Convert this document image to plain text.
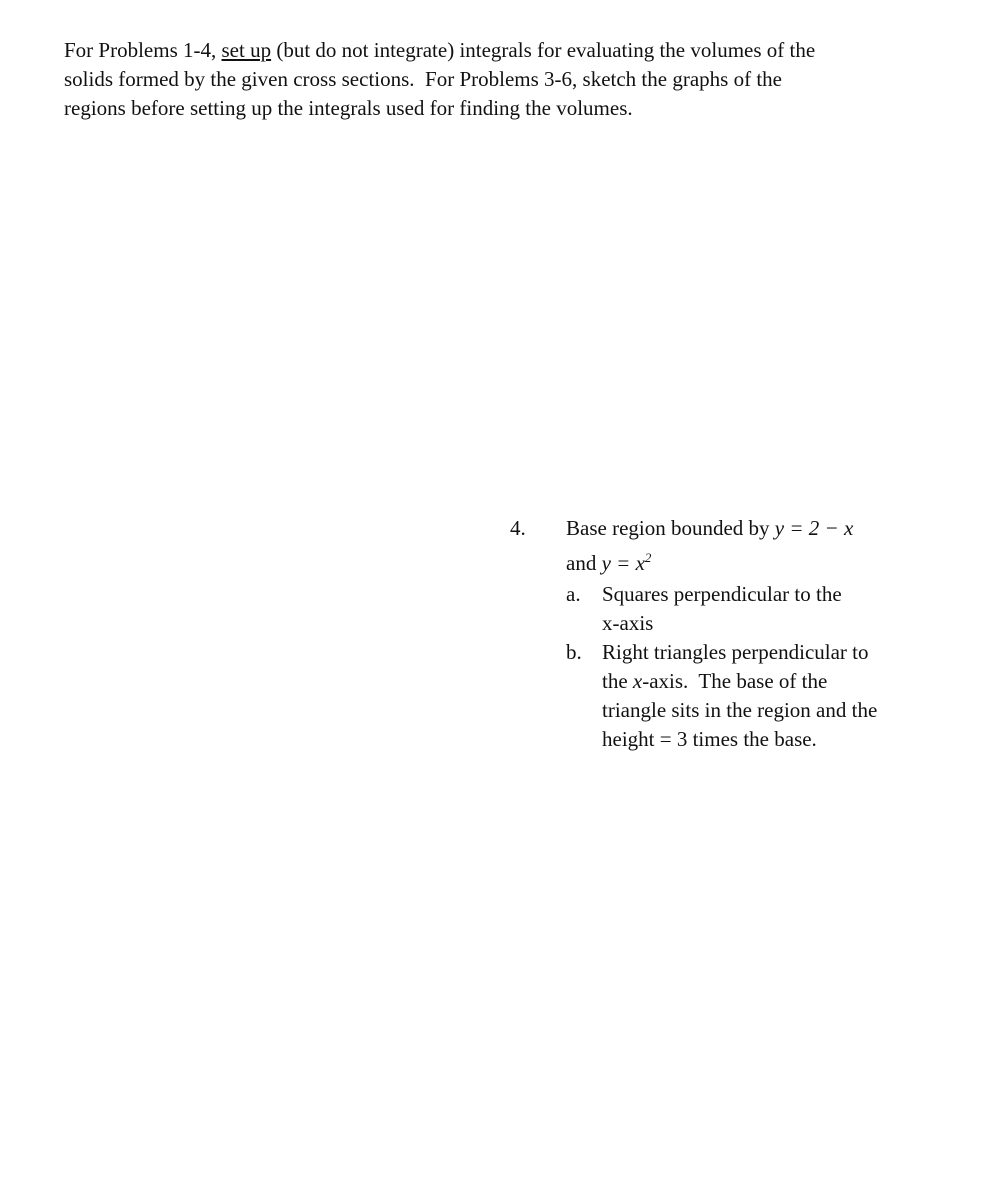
For Problems 1-4, set up (but do not integrate) integrals for evaluating the volumes of the
solids formed by the given cross sections.  For Problems 3-6, sketch the graphs of the
regions before setting up the integrals used for finding the volumes.

4. Base region bounded by y = 2 − x
and $y = x^2$
a. Squares perpendicular to the
x-axis
b. Right triangles perpendicular to
the x-axis.  The base of the
triangle sits in the region and the
height = 3 times the base.
